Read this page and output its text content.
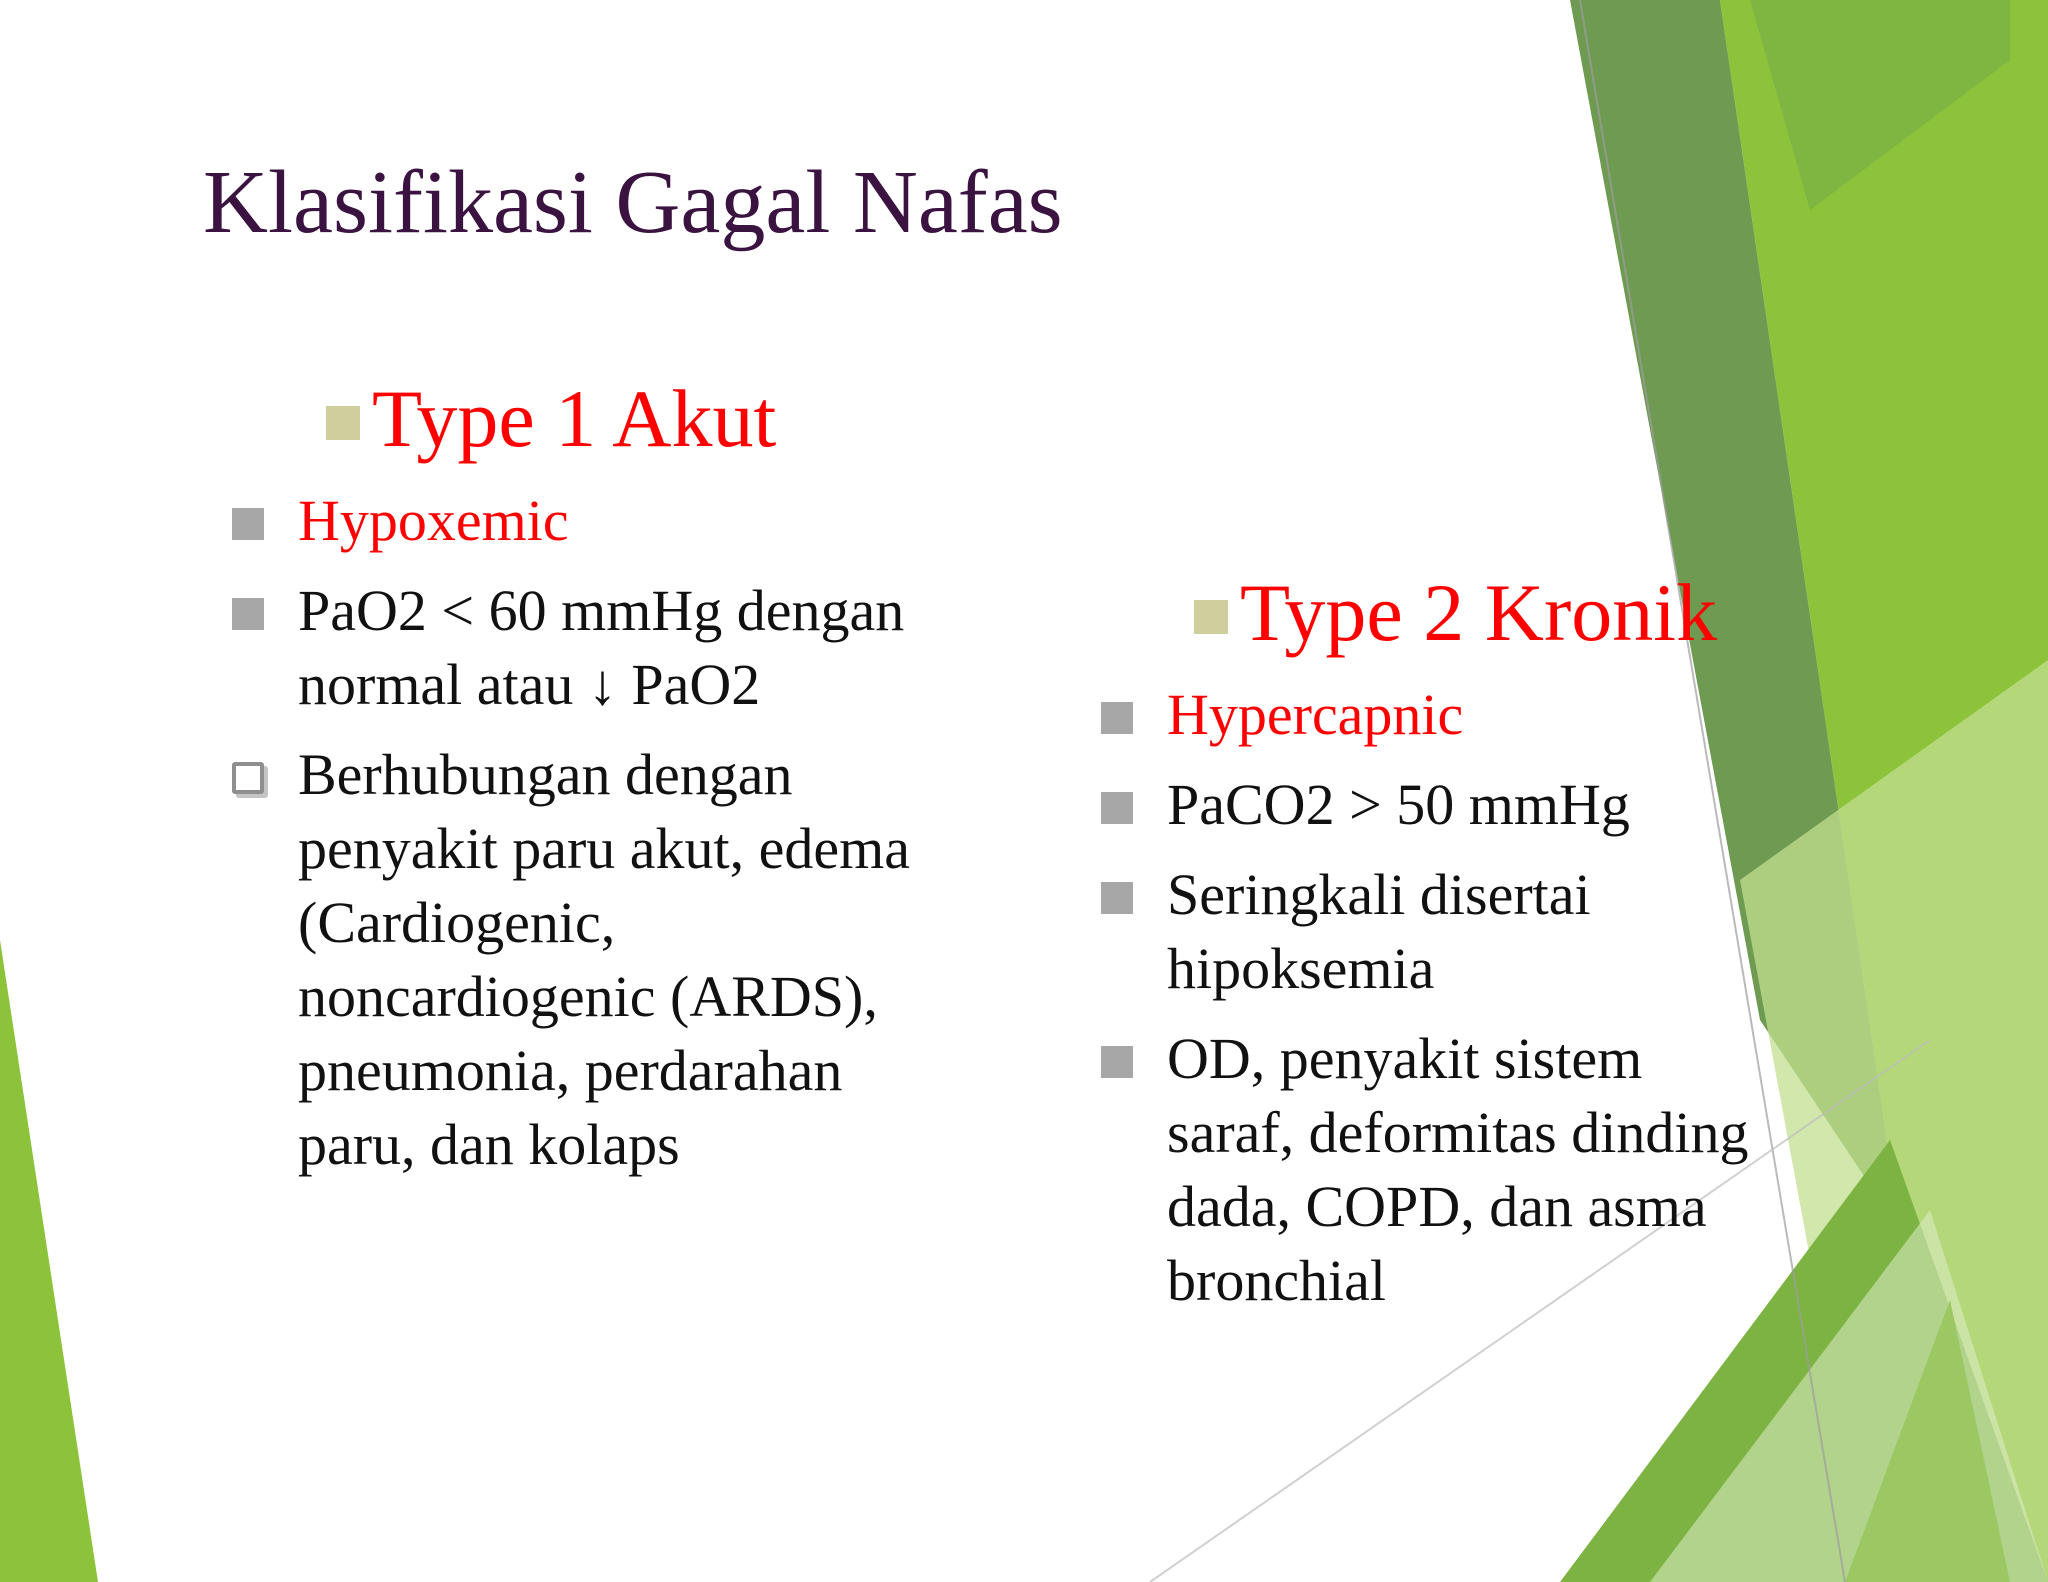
Klasifikasi Gagal Nafas
Type 1 Akut
Hypoxemic
PaO2 < 60 mmHg dengan
normal atau ↓ PaO2
Berhubungan dengan
penyakit paru akut, edema
(Cardiogenic,
noncardiogenic (ARDS),
pneumonia, perdarahan
paru, dan kolaps
Type 2 Kronik
Hypercapnic
PaCO2 > 50 mmHg
Seringkali disertai
hipoksemia
OD, penyakit sistem
saraf, deformitas dinding
dada, COPD, dan asma
bronchial
